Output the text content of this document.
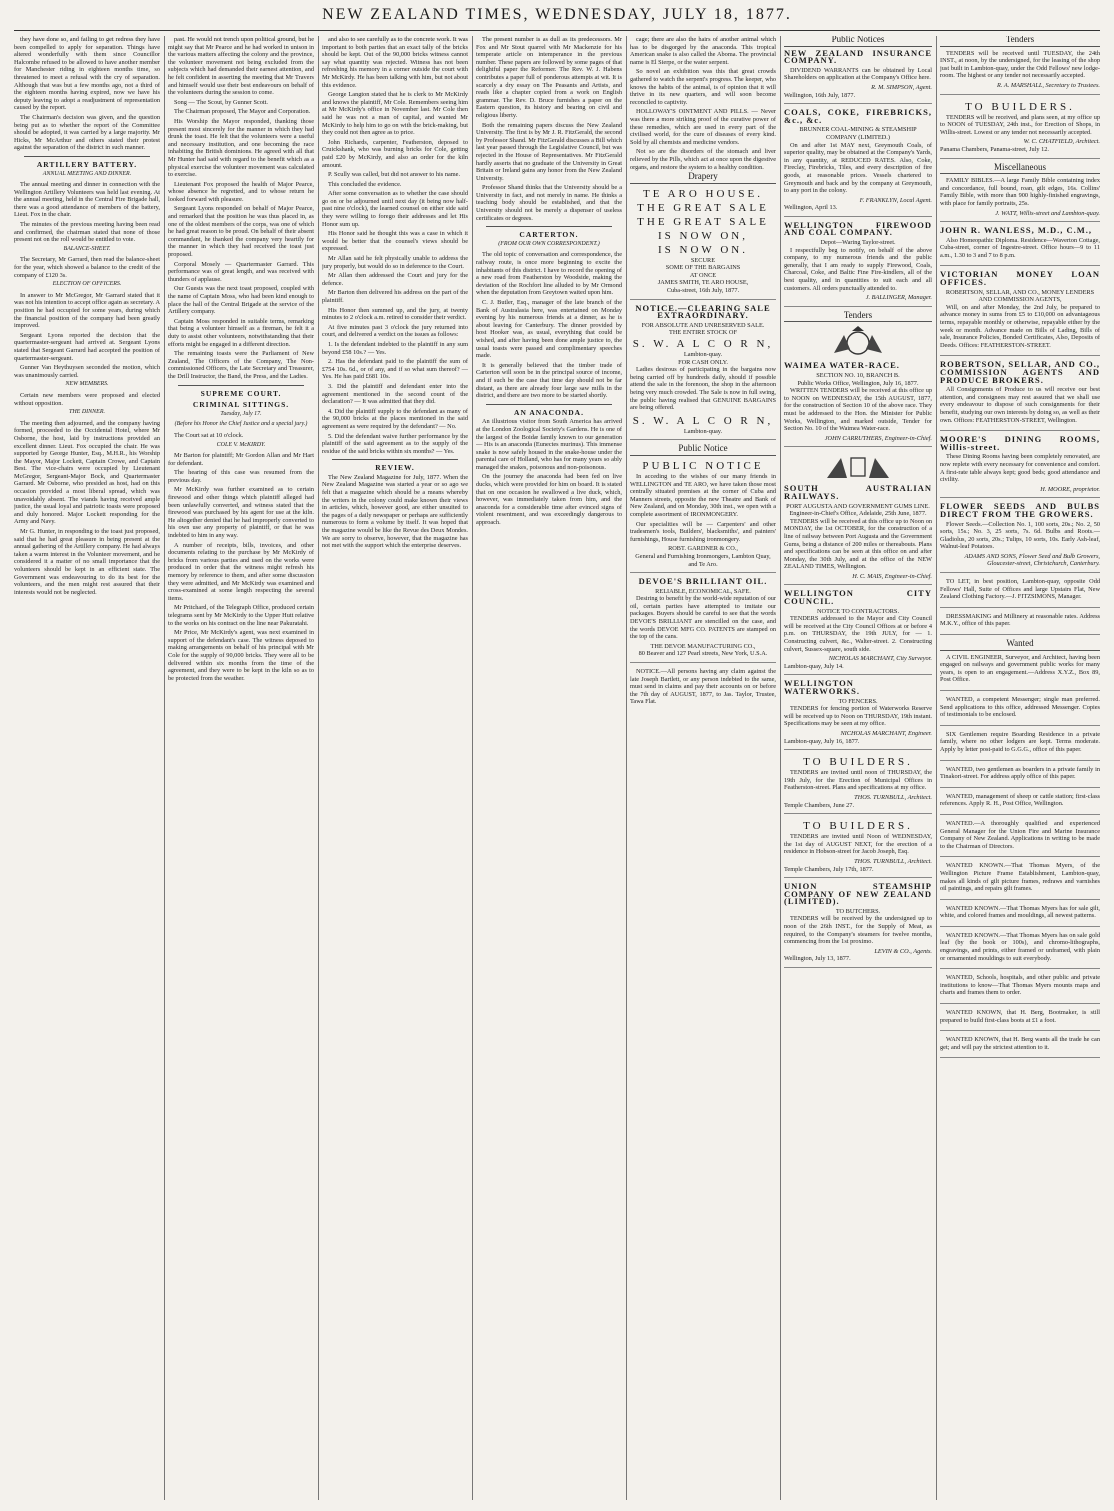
NEW ZEALAND TIMES, WEDNESDAY, JULY 18, 1877.

they have done so, and failing to get redress they have been compelled to apply for separation. Things have altered wonderfully with them since Councillor Halcombe refused to be allowed to have another member for Manchester riding in eighteen months time, so threatened to meet a refusal with the cry of separation. Although that was but a few months ago, not a third of the eighteen months having expired, now we have his deputy leaving to adopt a readjustment of representation caused by the report.

The Chairman's decision was given, and the question being put as to whether the report of the Committee should be adopted, it was carried by a large majority. Mr Hicks, Mr McArthur and others stated their protest against the separation of the district in such manner.

ARTILLERY BATTERY.
ANNUAL MEETING AND DINNER.

The annual meeting and dinner in connection with the Wellington Artillery Volunteers was held last evening. At the annual meeting, held in the Central Fire Brigade hall, there was a good attendance of members of the battery, Lieut. Fox in the chair.

The minutes of the previous meeting having been read and confirmed, the chairman stated that none of those present not on the roll would be entitled to vote.

BALANCE-SHEET.

The Secretary, Mr Garrard, then read the balance-sheet for the year, which showed a balance to the credit of the company of £120 3s.

ELECTION OF OFFICERS.

In answer to Mr McGregor, Mr Garrard stated that it was not his intention to accept office again as secretary. A position he had occupied for some years, during which the financial position of the company had been greatly improved.

Sergeant Lyons reported the decision that the quartermaster-sergeant had arrived at. Sergeant Lyons stated that Sergeant Garrard had accepted the position of quartermaster-sergeant.

Gunner Van Heythuysen seconded the motion, which was unanimously carried.

NEW MEMBERS.

Certain new members were proposed and elected without opposition.

THE DINNER.

The meeting then adjourned, and the company having formed, proceeded to the Occidental Hotel, where Mr Osborne, the host, laid by instructions provided an excellent dinner. Lieut. Fox occupied the chair. He was supported by George Hunter, Esq., M.H.R., his Worship the Mayor, Major Lockett, Captain Crowe, and Captain Best. The vice-chairs were occupied by Lieutenant McGregor, Sergeant-Major Bock, and Quartermaster Garrard. Mr Osborne, who presided as host, had on this occasion provided a most liberal spread, which was unavoidably absent. The viands having received ample justice, the usual loyal and patriotic toasts were proposed and duly honored. Major Lockett responding for the Army and Navy.

Mr G. Hunter, in responding to the toast just proposed, said that he had great pleasure in being present at the annual gathering of the Artillery company. He had always taken a warm interest in the Volunteer movement, and he considered it a matter of no small importance that the volunteers should be kept in an efficient state. The Government was endeavouring to do its best for the volunteers, and the men might rest assured that their interests would not be neglected.

past. He would not trench upon political ground, but he might say that Mr Pearce and he had worked in unison in the various matters affecting the colony and the province, the volunteer movement not being excluded from the subjects which had demanded their earnest attention, and he felt confident in asserting the meeting that Mr Travers and himself would use their best endeavours on behalf of the volunteers during the session to come.

Song — The Scout, by Gunner Scott.

The Chairman proposed, The Mayor and Corporation.

His Worship the Mayor responded, thanking those present most sincerely for the manner in which they had drunk the toast. He felt that the volunteers were a useful and necessary institution, and one becoming the race inhabiting the British dominions. He agreed with all that Mr Hunter had said with regard to the benefit which as a physical exercise the volunteer movement was calculated to exercise.

Lieutenant Fox proposed the health of Major Pearce, whose absence he regretted, and to whose return he looked forward with pleasure.

Sergeant Lyons responded on behalf of Major Pearce, and remarked that the position he was thus placed in, as one of the oldest members of the corps, was one of which he had great reason to be proud. On behalf of their absent commandant, he thanked the company very heartily for the manner in which they had received the toast just proposed.

Corporal Mosely — Quartermaster Garrard. This performance was of great length, and was received with thunders of applause.

Our Guests was the next toast proposed, coupled with the name of Captain Moss, who had been kind enough to place the hall of the Central Brigade at the service of the Artillery company.

Captain Moss responded in suitable terms, remarking that being a volunteer himself as a fireman, he felt it a duty to assist other volunteers, notwithstanding that their efforts might be engaged in a different direction.

The remaining toasts were the Parliament of New Zealand, The Officers of the Company, The Non-commissioned Officers, the Late Secretary and Treasurer, the Drill Instructor, the Band, the Press, and the Ladies.

SUPREME COURT.
CRIMINAL SITTINGS.
Tuesday, July 17.
(Before his Honor the Chief Justice and a special jury.)

The Court sat at 10 o'clock.

COLE V. McKIRDY.

Mr Barton for plaintiff; Mr Gordon Allan and Mr Hart for defendant.

The hearing of this case was resumed from the previous day.

Mr McKirdy was further examined as to certain firewood and other things which plaintiff alleged had been unlawfully converted, and witness stated that the firewood was purchased by his agent for use at the kiln. He altogether denied that he had improperly converted to his own use any property of plaintiff, or that he was indebted to him in any way.

A number of receipts, bills, invoices, and other documents relating to the purchase by Mr McKirdy of bricks from various parties and used on the works were produced in order that the witness might refresh his memory by reference to them, and after some discussion they were admitted, and Mr McKirdy was examined and cross-examined at some length respecting the several items.

Mr Pritchard, of the Telegraph Office, produced certain telegrams sent by Mr McKirdy to the Upper Hutt relative to the works on his contract on the line near Pakuratahi.

Mr Price, Mr McKirdy's agent, was next examined in support of the defendant's case. The witness deposed to making arrangements on behalf of his principal with Mr Cole for the supply of 90,000 bricks. They were all to be delivered within six months from the time of the agreement, and they were to be kept in the kiln so as to be protected from the weather.

and also to see carefully as to the concrete work. It was important to both parties that an exact tally of the bricks should be kept. Out of the 90,000 bricks witness cannot say what quantity was rejected. Witness has not been refreshing his memory in a corner outside the court with Mr McKirdy. He has been talking with him, but not about this evidence.

George Langton stated that he is clerk to Mr McKirdy and knows the plaintiff, Mr Cole. Remembers seeing him at Mr McKirdy's office in November last. Mr Cole then said he was not a man of capital, and wanted Mr McKirdy to help him to go on with the brick-making, but they could not then agree as to price.

John Richards, carpenter, Featherston, deposed to Cruickshank, who was burning bricks for Cole, getting paid £20 by McKirdy, and also an order for the kiln amount.

P. Scully was called, but did not answer to his name.

This concluded the evidence.

After some conversation as to whether the case should go on or be adjourned until next day (it being now half-past nine o'clock), the learned counsel on either side said they were willing to forego their addresses and let His Honor sum up.

His Honor said he thought this was a case in which it would be better that the counsel's views should be expressed.

Mr Allan said he felt physically unable to address the jury properly, but would do so in deference to the Court.

Mr Allan then addressed the Court and jury for the defence.

Mr Barton then delivered his address on the part of the plaintiff.

His Honor then summed up, and the jury, at twenty minutes to 2 o'clock a.m. retired to consider their verdict.

At five minutes past 3 o'clock the jury returned into court, and delivered a verdict on the issues as follows:

1. Is the defendant indebted to the plaintiff in any sum beyond £58 10s.? — Yes.

2. Has the defendant paid to the plaintiff the sum of £754 10s. 6d., or of any, and if so what sum thereof? — Yes. He has paid £681 10s.

3. Did the plaintiff and defendant enter into the agreement mentioned in the second count of the declaration? — It was admitted that they did.

4. Did the plaintiff supply to the defendant as many of the 90,000 bricks at the places mentioned in the said agreement as were required by the defendant? — No.

5. Did the defendant waive further performance by the plaintiff of the said agreement as to the supply of the residue of the said bricks within six months? — Yes.

REVIEW.

The New Zealand Magazine for July, 1877. When the New Zealand Magazine was started a year or so ago we felt that a magazine which should be a means whereby the writers in the colony could make known their views in articles, which, however good, are either unsuited to the pages of a daily newspaper or perhaps are sufficiently numerous to form a volume by itself. It was hoped that the magazine would be like the Revue des Deux Mondes. We are sorry to observe, however, that the magazine has not met with the support which the enterprise deserves.

The present number is as dull as its predecessors. Mr Fox and Mr Stout quarrel with Mr Mackenzie for his temperate article on intemperance in the previous number. These papers are followed by some pages of that delightful paper the Reformer. The Rev. W. J. Habens contributes a paper full of ponderous attempts at wit. It is scarcely a dry essay on The Peasants and Artists, and reads like a chapter copied from a work on English grammar. The Rev. D. Bruce furnishes a paper on the Eastern question, its history and bearing on civil and religious liberty.

Both the remaining papers discuss the New Zealand University. The first is by Mr J. R. FitzGerald, the second by Professor Shand. Mr FitzGerald discusses a Bill which last year passed through the Legislative Council, but was rejected in the House of Representatives. Mr FitzGerald hardly asserts that no graduate of the University in Great Britain or Ireland gains any honor from the New Zealand University.

Professor Shand thinks that the University should be a University in fact, and not merely in name. He thinks a teaching body should be established, and that the University should not be merely a dispenser of useless certificates or degrees.

CARTERTON.
(FROM OUR OWN CORRESPONDENT.)

The old topic of conversation and correspondence, the railway route, is once more beginning to excite the inhabitants of this district. I have to record the opening of a new road from Featherston by Woodside, making the deviation of the Rochfort line alluded to by Mr Ormond when the deputation from Greytown waited upon him.

C. J. Butler, Esq., manager of the late branch of the Bank of Australasia here, was entertained on Monday evening by his numerous friends at a dinner, as he is about leaving for Canterbury. The dinner provided by host Hooker was, as usual, everything that could be wished, and after having been done ample justice to, the usual toasts were passed and complimentary speeches made.

It is generally believed that the timber trade of Carterton will soon be in the principal source of income, and if such be the case that time day should not be far distant, as there are already four large saw mills in the district, and there are two more to be started shortly.

AN ANACONDA.

An illustrious visitor from South America has arrived at the London Zoological Society's Gardens. He is one of the largest of the Boidæ family known to our generation — His is an anaconda (Eunectes murinus). This immense snake is now safely housed in the snake-house under the parental care of Holland, who has for many years so ably managed the snakes, poisonous and non-poisonous.

On the journey the anaconda had been fed on live ducks, which were provided for him on board. It is stated that on one occasion he swallowed a live duck, which, however, was immediately taken from him, and the anaconda for a considerable time after evinced signs of violent resentment, and was exceedingly dangerous to approach.

cage; there are also the hairs of another animal which has to be disgorged by the anaconda. This tropical American snake is also called the Aboma. The provincial name is El Sierpe, or the water serpent.

So novel an exhibition was this that great crowds gathered to watch the serpent's progress. The keeper, who knows the habits of the animal, is of opinion that it will thrive in its new quarters, and will soon become reconciled to captivity.

HOLLOWAY'S OINTMENT AND PILLS. — Never was there a more striking proof of the curative power of these remedies, which are used in every part of the civilised world, for the cure of diseases of every kind. Sold by all chemists and medicine vendors.

Not so are the disorders of the stomach and liver relieved by the Pills, which act at once upon the digestive organs, and restore the system to a healthy condition.

Drapery
TE ARO HOUSE.
THE GREAT SALE
THE GREAT SALE
IS NOW ON,
IS NOW ON.
SECURE
SOME OF THE BARGAINS
AT ONCE
JAMES SMITH, TE ARO HOUSE,
Cuba-street, 16th July, 1877.
NOTICE.—CLEARING SALE EXTRAORDINARY.
FOR ABSOLUTE AND UNRESERVED SALE.
THE ENTIRE STOCK OF
S. W. A L C O R N,
Lambton-quay.
FOR CASH ONLY.

Ladies desirous of participating in the bargains now being carried off by hundreds daily, should if possible attend the sale in the forenoon, the shop in the afternoon being very much crowded. The Sale is now in full swing, the public having realised that GENUINE BARGAINS are being offered.

S. W. A L C O R N,
Lambton-quay.
Public Notice
PUBLIC NOTICE

In acceding to the wishes of our many friends in WELLINGTON and TE ARO, we have taken those most centrally situated premises at the corner of Cuba and Manners streets, opposite the new Theatre and Bank of New Zealand, and on Monday, 30th inst., we open with a complete assortment of IRONMONGERY.

Our specialities will be — Carpenters' and other tradesmen's tools, Builders', blacksmiths', and painters' furnishings, House furnishing ironmongery.

ROBT. GARDNER & CO.,
General and Furnishing Ironmongers, Lambton Quay, and Te Aro.
DEVOE'S BRILLIANT OIL.
RELIABLE, ECONOMICAL, SAFE.

Desiring to benefit by the world-wide reputation of our oil, certain parties have attempted to imitate our packages. Buyers should be careful to see that the words DEVOE'S BRILLIANT are stencilled on the case, and the words DEVOE MFG CO. PATENTS are stamped on the top of the cans.

THE DEVOE MANUFACTURING CO.,
80 Beaver and 127 Pearl streets, New York, U.S.A.

NOTICE.—All persons having any claim against the late Joseph Bartlett, or any person indebted to the same, must send in claims and pay their accounts on or before the 7th day of AUGUST, 1877, to Jas. Taylor, Trustee, Tawa Flat.

Public Notices
NEW ZEALAND INSURANCE COMPANY.

DIVIDEND WARRANTS can be obtained by Local Shareholders on application at the Company's Office here.

R. M. SIMPSON, Agent.
Wellington, 16th July, 1877.
COALS, COKE, FIREBRICKS, &c., &c.
BRUNNER COAL-MINING & STEAMSHIP COMPANY (LIMITED.)

On and after 1st MAY next, Greymouth Coals, of superior quality, may be obtained at the Company's Yards, in any quantity, at REDUCED RATES. Also, Coke, Fireclay, Firebricks, Tiles, and every description of fire goods, at reasonable prices. Vessels chartered to Greymouth and back and by the company at Greymouth, to any port in the colony.

F. FRANKLYN, Local Agent.
Wellington, April 13.
WELLINGTON FIREWOOD AND COAL COMPANY.
Depot—Waring Taylor-street.

I respectfully beg to notify, on behalf of the above company, to my numerous friends and the public generally, that I am ready to supply Firewood, Coals, Charcoal, Coke, and Baltic Fine Fire-kindlers, all of the best quality, and in quantities to suit each and all customers. All orders punctually attended to.

J. BALLINGER, Manager.
Tenders
WAIMEA WATER-RACE.
SECTION NO. 10, BRANCH B.
Public Works Office, Wellington, July 16, 1877.

WRITTEN TENDERS will be received at this office up to NOON on WEDNESDAY, the 15th AUGUST, 1877, for the construction of Section 10 of the above race. They must be addressed to the Hon. the Minister for Public Works, Wellington, and marked outside, Tender for Section No. 10 of the Waimea Water-race.

JOHN CARRUTHERS, Engineer-in-Chief.
SOUTH AUSTRALIAN RAILWAYS.
PORT AUGUSTA AND GOVERNMENT GUMS LINE.
Engineer-in-Chief's Office, Adelaide, 25th June, 1877.

TENDERS will be received at this office up to Noon on MONDAY, the 1st OCTOBER, for the construction of a line of railway between Port Augusta and the Government Gums, being a distance of 200 miles or thereabouts. Plans and specifications can be seen at this office on and after Monday, the 30th July, and at the office of the NEW ZEALAND TIMES, Wellington.

H. C. MAIS, Engineer-in-Chief.
WELLINGTON CITY COUNCIL.
NOTICE TO CONTRACTORS.

TENDERS addressed to the Mayor and City Council will be received at the City Council Offices at or before 4 p.m. on THURSDAY, the 19th JULY, for — 1. Constructing culvert, &c., Walter-street. 2. Constructing culvert, Sussex-square, south side.

NICHOLAS MARCHANT, City Surveyor.
Lambton-quay, July 14.
WELLINGTON WATERWORKS.
TO FENCERS.

TENDERS for fencing portion of Waterworks Reserve will be received up to Noon on THURSDAY, 19th instant. Specifications may be seen at my office.

NICHOLAS MARCHANT, Engineer.
Lambton-quay, July 16, 1877.
TO BUILDERS.

TENDERS are invited until noon of THURSDAY, the 19th July, for the Erection of Municipal Offices in Featherston-street. Plans and specifications at my office.

THOS. TURNBULL, Architect.
Temple Chambers, June 27.
TO BUILDERS.

TENDERS are invited until Noon of WEDNESDAY, the 1st day of AUGUST NEXT, for the erection of a residence in Hobson-street for Jacob Joseph, Esq.

THOS. TURNBULL, Architect.
Temple Chambers, July 17th, 1877.
UNION STEAMSHIP COMPANY OF NEW ZEALAND (LIMITED).
TO BUTCHERS.

TENDERS will be received by the undersigned up to noon of the 26th INST., for the Supply of Meat, as required, to the Company's steamers for twelve months, commencing from the 1st proximo.

LEVIN & CO., Agents.
Wellington, July 13, 1877.
Tenders

TENDERS will be received until TUESDAY, the 24th INST., at noon, by the undersigned, for the leasing of the shop just built in Lambton-quay, under the Odd Fellows' new lodge-room. The highest or any tender not necessarily accepted.

R. A. MARSHALL, Secretary to Trustees.
TO BUILDERS.

TENDERS will be received, and plans seen, at my office up to NOON of TUESDAY, 24th inst., for Erection of Shops, in Willis-street. Lowest or any tender not necessarily accepted.

W. C. CHATFIELD, Architect.
Panama Chambers, Panama-street, July 12.
Miscellaneous

FAMILY BIBLES.—A large Family Bible containing index and concordance, full bound, roan, gilt edges, 16s. Collins' Family Bible, with more than 900 highly-finished engravings, with place for family portraits, 25s.

J. WATT, Willis-street and Lambton-quay.
JOHN R. WANLESS, M.D., C.M.,

Also Homeopathic Diploma. Residence—Waverton Cottage, Cuba-street, corner of Ingestre-street. Office hours—9 to 11 a.m., 1.30 to 3 and 7 to 8 p.m.

VICTORIAN MONEY LOAN OFFICES.
ROBERTSON, SELLAR, AND CO., MONEY LENDERS AND COMMISSION AGENTS,

Will, on and after Monday, the 2nd July, be prepared to advance money in sums from £5 to £10,000 on advantageous terms, repayable monthly or otherwise, repayable either by the week or month. Advance made on Bills of Lading, Bills of sale, Insurance Policies, Bonded Certificates, Also, Deposits of Deeds. Offices: FEATHERSTON-STREET.

ROBERTSON, SELLAR, AND CO., COMMISSION AGENTS AND PRODUCE BROKERS.

All Consignments of Produce to us will receive our best attention, and consignees may rest assured that we shall use every endeavour to dispose of such consignments for their benefit, studying our own interests by doing so, as well as their own. Offices: FEATHERSTON-STREET, Wellington.

MOORE'S DINING ROOMS, Willis-street.

These Dining Rooms having been completely renovated, are now replete with every necessary for convenience and comfort. A first-rate table always kept; good beds; good attendance and civility.

H. MOORE, proprietor.
FLOWER SEEDS AND BULBS DIRECT FROM THE GROWERS.

Flower Seeds.—Collection No. 1, 100 sorts, 20s.; No. 2, 50 sorts, 15s.; No. 3, 25 sorts, 7s. 6d. Bulbs and Roots.—Gladiolus, 20 sorts, 20s.; Tulips, 10 sorts, 10s. Early Ash-leaf, Walnut-leaf Potatoes.

ADAMS AND SONS, Flower Seed and Bulb Growers, Gloucester-street, Christchurch, Canterbury.

TO LET, in best position, Lambton-quay, opposite Odd Fellows' Hall, Suite of Offices and large Upstairs Flat, New Zealand Clothing Factory.—J. FITZSIMONS, Manager.

DRESSMAKING and Millinery at reasonable rates. Address M.K.Y., office of this paper.

Wanted

A CIVIL ENGINEER, Surveyor, and Architect, having been engaged on railways and government public works for many years, is open to an engagement.—Address X.Y.Z., Box 89, Post Office.

WANTED, a competent Messenger; single man preferred. Send applications to this office, addressed Messenger. Copies of testimonials to be enclosed.

SIX Gentlemen require Boarding Residence in a private family, where no other lodgers are kept. Terms moderate. Apply by letter post-paid to G.G.G., office of this paper.

WANTED, two gentlemen as boarders in a private family in Tinakori-street. For address apply office of this paper.

WANTED, management of sheep or cattle station; first-class references. Apply R. H., Post Office, Wellington.

WANTED.—A thoroughly qualified and experienced General Manager for the Union Fire and Marine Insurance Company of New Zealand. Applications in writing to be made to the Chairman of Directors.

WANTED KNOWN.—That Thomas Myers, of the Wellington Picture Frame Establishment, Lambton-quay, makes all kinds of gilt picture frames, redraws and varnishes oil paintings, and repairs gilt frames.

WANTED KNOWN.—That Thomas Myers has for sale gilt, white, and colored frames and mouldings, all newest patterns.

WANTED KNOWN.—That Thomas Myers has on sale gold leaf (by the book or 100s), and chromo-lithographs, engravings, and prints, either framed or unframed, with plain or ornamented mouldings to suit everybody.

WANTED, Schools, hospitals, and other public and private institutions to know—That Thomas Myers mounts maps and charts and frames them to order.

WANTED KNOWN, that H. Berg, Bootmaker, is still prepared to build first-class boots at £1 a foot.

WANTED KNOWN, that H. Berg wants all the trade he can get; and will pay the strictest attention to it.
